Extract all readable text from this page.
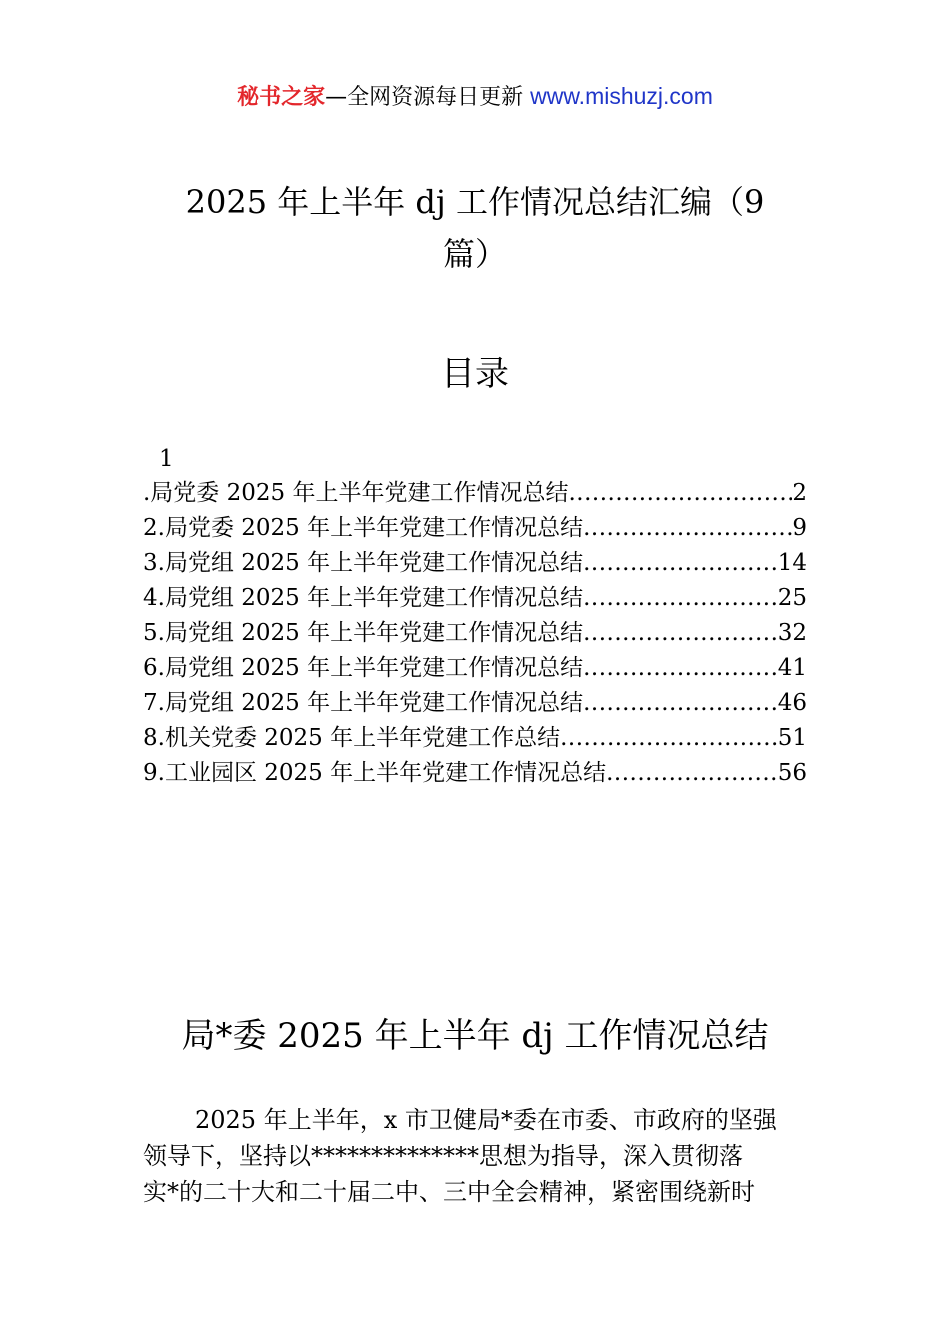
秘书之家—全网资源每日更新 www.mishuzj.com
2025 年上半年 dj 工作情况总结汇编（9
篇）
目录
1
.局党委 2025 年上半年党建工作情况总结 .....	2
2.局党委 2025 年上半年党建工作情况总结 .....	9
3.局党组 2025 年上半年党建工作情况总结 .....	14
4.局党组 2025 年上半年党建工作情况总结 .....	25
5.局党组 2025 年上半年党建工作情况总结 .....	32
6.局党组 2025 年上半年党建工作情况总结 .....	41
7.局党组 2025 年上半年党建工作情况总结 .....	46
8.机关党委 2025 年上半年党建工作总结 .....	51
9.工业园区 2025 年上半年党建工作情况总结 .....	56
局*委 2025 年上半年 dj 工作情况总结
2025 年上半年，x 市卫健局*委在市委、市政府的坚强
领导下，坚持以**************思想为指导，深入贯彻落
实*的二十大和二十届二中、三中全会精神，紧密围绕新时
